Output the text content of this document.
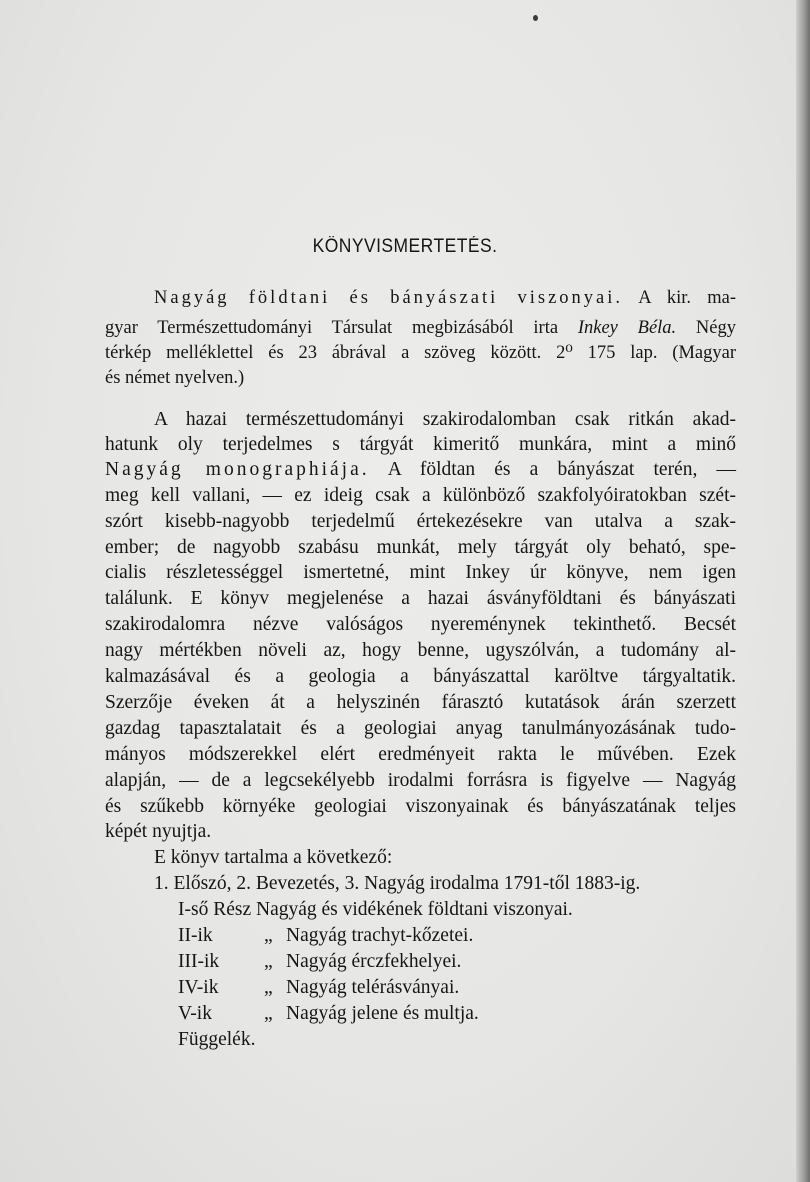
KÖNYVISMERTETÉS.
Nagyág földtani és bányászati viszonyai. A kir. ma-
gyar Természettudományi Társulat megbizásából irta Inkey Béla. Négy
térkép melléklettel és 23 ábrával a szöveg között. 2⁰ 175 lap. (Magyar
és német nyelven.)
A hazai természettudományi szakirodalomban csak ritkán akad-
hatunk oly terjedelmes s tárgyát kimeritő munkára, mint a minő
Nagyág monographiája. A földtan és a bányászat terén, —
meg kell vallani, — ez ideig csak a különböző szakfolyóiratokban szét-
szórt kisebb-nagyobb terjedelmű értekezésekre van utalva a szak-
ember; de nagyobb szabásu munkát, mely tárgyát oly beható, spe-
cialis részletességgel ismertetné, mint Inkey úr könyve, nem igen
találunk. E könyv megjelenése a hazai ásványföldtani és bányászati
szakirodalomra nézve valóságos nyereménynek tekinthető. Becsét
nagy mértékben növeli az, hogy benne, ugyszólván, a tudomány al-
kalmazásával és a geologia a bányászattal karöltve tárgyaltatik.
Szerzője éveken át a helyszinén fárasztó kutatások árán szerzett
gazdag tapasztalatait és a geologiai anyag tanulmányozásának tudo-
mányos módszerekkel elért eredményeit rakta le művében. Ezek
alapján, — de a legcsekélyebb irodalmi forrásra is figyelve — Nagyág
és szűkebb környéke geologiai viszonyainak és bányászatának teljes
képét nyujtja.
E könyv tartalma a következő:
1. Előszó, 2. Bevezetés, 3. Nagyág irodalma 1791-től 1883-ig.
I-ső Rész Nagyág és vidékének földtani viszonyai.
II-ik	„ Nagyág trachyt-kőzetei.
III-ik „ Nagyág érczfekhelyei.
IV-ik „ Nagyág telérásványai.
V-ik	„ Nagyág jelene és multja.
Függelék.
